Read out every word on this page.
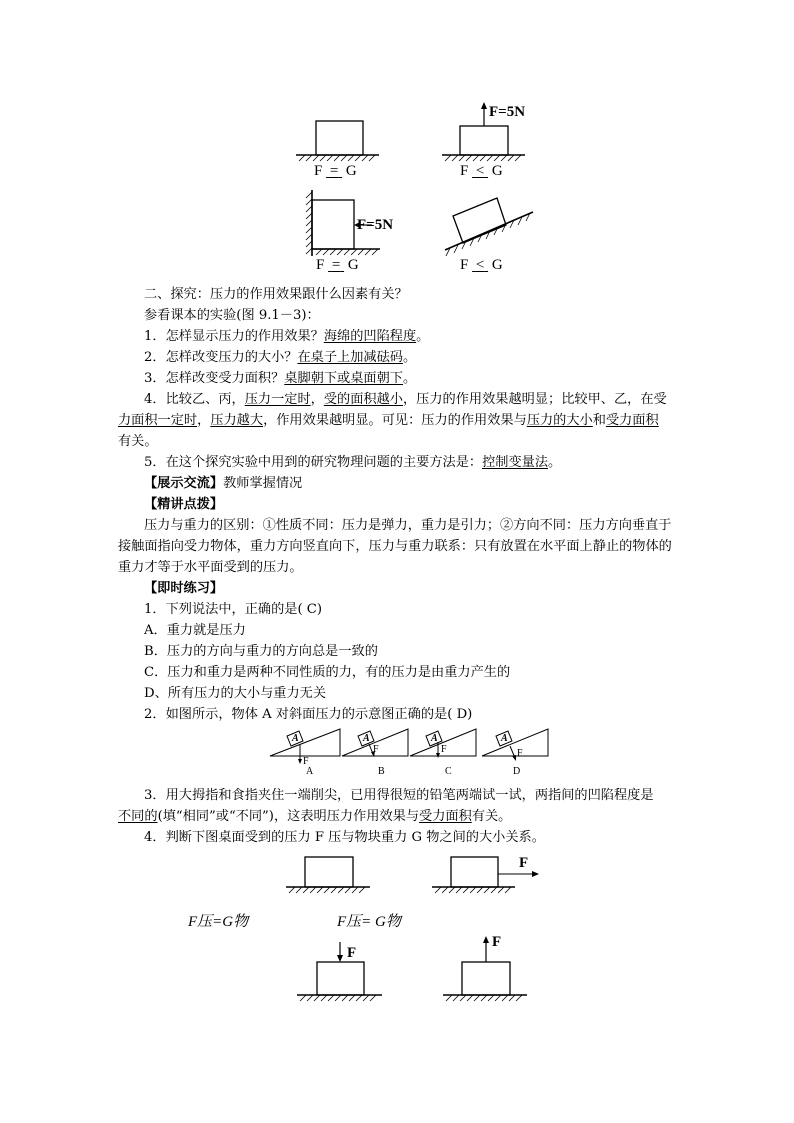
F = G
F=5N
F < G
F=5N
F = G	F < G
二、探究：压力的作用效果跟什么因素有关？
参看课本的实验(图 9.1－3)：
1．怎样显示压力的作用效果？海绵的凹陷程度。
2．怎样改变压力的大小？在桌子上加减砝码。
3．怎样改变受力面积？桌脚朝下或桌面朝下。
4．比较乙、丙，压力一定时，受的面积越小，压力的作用效果越明显；比较甲、乙，在受
力面积一定时，压力越大，作用效果越明显。可见：压力的作用效果与压力的大小和受力面积
有关。
5．在这个探究实验中用到的研究物理问题的主要方法是：控制变量法。
【展示交流】教师掌握情况
【精讲点拨】
压力与重力的区别：①性质不同：压力是弹力，重力是引力；②方向不同：压力方向垂直于接触面指向受力物体，重力方向竖直向下，压力与重力联系：只有放置在水平面上静止的物体的重力才等于水平面受到的压力。
【即时练习】
1．下列说法中，正确的是( C)
A．重力就是压力
B．压力的方向与重力的方向总是一致的
C．压力和重力是两种不同性质的力，有的压力是由重力产生的
D、所有压力的大小与重力无关
2．如图所示，物体 A 对斜面压力的示意图正确的是( D)
A	A	A	A
F
F	F	F
A	B	C	D
3．用大拇指和食指夹住一端削尖，已用得很短的铅笔两端试一试，两指间的凹陷程度是
不同的(填“相同”或“不同”)，这表明压力作用效果与受力面积有关。
4．判断下图桌面受到的压力 F 压与物块重力 G 物之间的大小关系。
F
F压=G物	F压= G物
F
F
